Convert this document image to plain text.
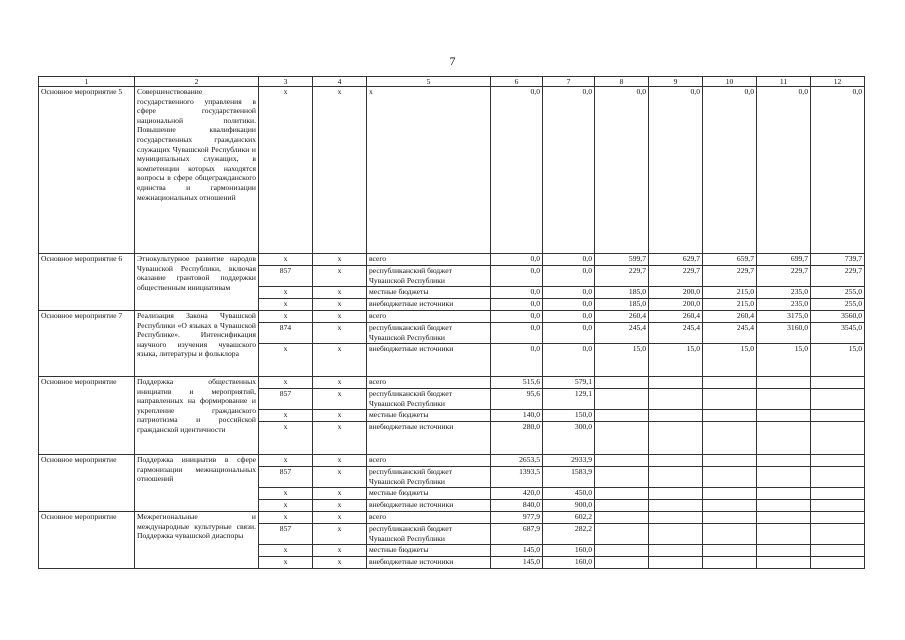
7
1	2	3	4	5	6	7	8	9	10	11	12
Основное мероприятие 5	Совершенствование государственного управления в сфере государственной национальной политики. Повышение квалификации государственных гражданских служащих Чувашской Республики и муниципальных служащих, в компетенции которых находятся вопросы в сфере общегражданского единства и гармонизации межнациональных отношений	x	x	x	0,0	0,0	0,0	0,0	0,0	0,0	0,0
Основное мероприятие 6	Этнокультурное развитие народов Чувашской Республики, включая оказание грантовой поддержки общественным инициативам	x	x	всего	0,0	0,0	599,7	629,7	659,7	699,7	739,7
		857	x	республиканский бюджет Чувашской Республики	0,0	0,0	229,7	229,7	229,7	229,7	229,7
		x	x	местные бюджеты	0,0	0,0	185,0	200,0	215,0	235,0	255,0
		x	x	внебюджетные источники	0,0	0,0	185,0	200,0	215,0	235,0	255,0
Основное мероприятие 7	Реализация Закона Чувашской Республики «О языках в Чувашской Республике». Интенсификация научного изучения чувашского языка, литературы и фольклора	x	x	всего	0,0	0,0	260,4	260,4	260,4	3175,0	3560,0
		874	x	республиканский бюджет Чувашской Республики	0,0	0,0	245,4	245,4	245,4	3160,0	3545,0
		x	x	внебюджетные источники	0,0	0,0	15,0	15,0	15,0	15,0	15,0
Основное мероприятие	Поддержка общественных инициатив и мероприятий, направленных на формирование и укрепление гражданского патриотизма и российской гражданской идентичности	x	x	всего	515,6	579,1					
		857	x	республиканский бюджет Чувашской Республики	95,6	129,1					
		x	x	местные бюджеты	140,0	150,0					
		x	x	внебюджетные источники	280,0	300,0					
Основное мероприятие	Поддержка инициатив в сфере гармонизации межнациональных отношений	x	x	всего	2653,5	2933,9					
		857	x	республиканский бюджет Чувашской Республики	1393,5	1583,9					
		x	x	местные бюджеты	420,0	450,0					
		x	x	внебюджетные источники	840,0	900,0					
Основное мероприятие	Межрегиональные и международные культурные связи. Поддержка чувашской диаспоры	x	x	всего	977,9	602,2					
		857	x	республиканский бюджет Чувашской Республики	687,9	282,2					
		x	x	местные бюджеты	145,0	160,0					
		x	x	внебюджетные источники	145,0	160,0					
